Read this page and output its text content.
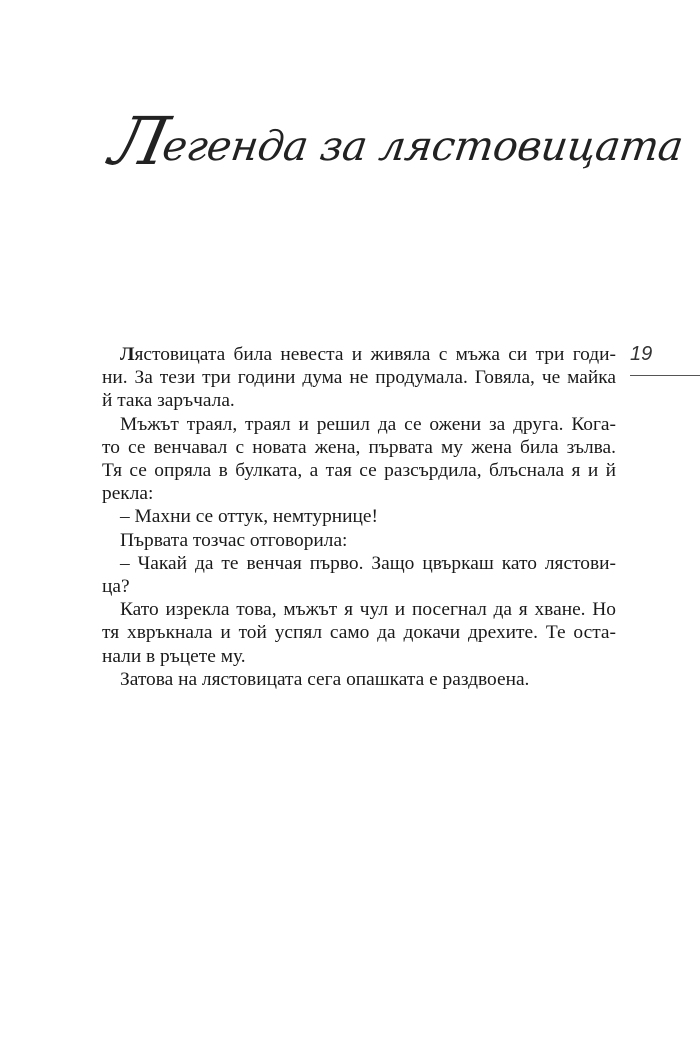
Легенда за лястовицата
19

Лястовицата била невеста и живяла с мъжа си три годи-
ни. За тези три години дума не продумала. Говяла, че майка
й така заръчала.

Мъжът траял, траял и решил да се ожени за друга. Кога-
то се венчавал с новата жена, първата му жена била зълва.
Тя се опряла в булката, а тая се разсърдила, блъснала я и й
рекла:

– Махни се оттук, немтурнице!

Първата тозчас отговорила:

– Чакай да те венчая първо. Защо цвъркаш като лястови-
ца?

Като изрекла това, мъжът я чул и посегнал да я хване. Но
тя хвръкнала и той успял само да докачи дрехите. Те оста-
нали в ръцете му.

Затова на лястовицата сега опашката е раздвоена.
